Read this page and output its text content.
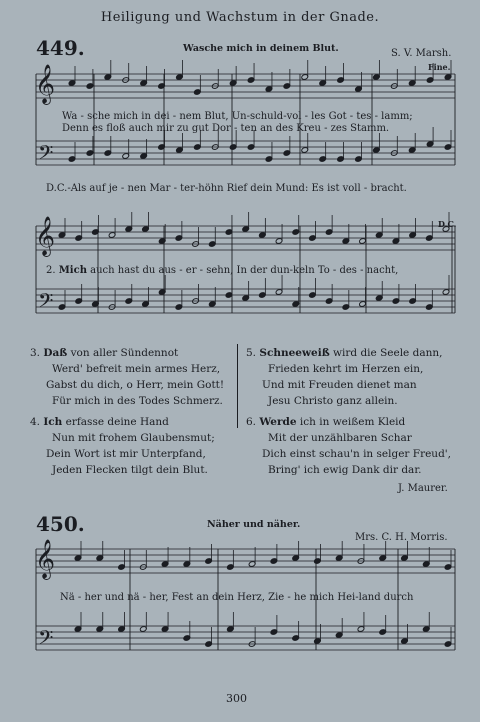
𝄞
𝄢
𝄞
𝄢
𝄞
𝄢
Heiligung und Wachstum in der Gnade.
449.	Wasche mich in deinem Blut.	S. V. Marsh.
Fine.
Wa - sche mich in dei - nem Blut, Un-schuld-vol - les Got - tes - lamm;
Denn es floß auch mir zu gut Dor - ten an des Kreu - zes Stamm.
D.C.-Als auf je - nen Mar - ter-höhn Rief dein Mund: Es ist voll - bracht.
D.C.
2. Mich auch hast du aus - er - sehn, In der dun-keln To - des - nacht,
3. Daß von aller Sündennot
Werd' befreit mein armes Herz,
Gabst du dich, o Herr, mein Gott!
Für mich in des Todes Schmerz.
4. Ich erfasse deine Hand
Nun mit frohem Glaubensmut;
Dein Wort ist mir Unterpfand,
Jeden Flecken tilgt dein Blut.
5. Schneeweiß wird die Seele dann,
Frieden kehrt im Herzen ein,
Und mit Freuden dienet man
Jesu Christo ganz allein.
6. Werde ich in weißem Kleid
Mit der unzählbaren Schar
Dich einst schau'n in selger Freud',
Bring' ich ewig Dank dir dar.
J. Maurer.
450.	Näher und näher.
Mrs. C. H. Morris.
Nä - her und nä - her, Fest an dein Herz, Zie - he mich Hei-land durch
300
